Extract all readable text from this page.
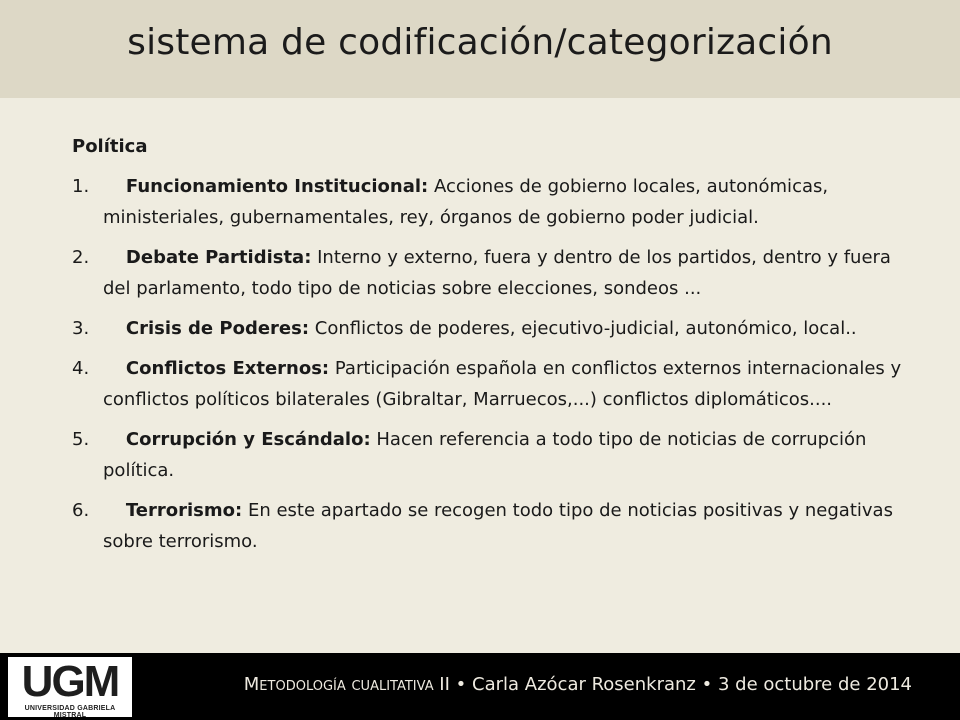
sistema de codificación/categorización

Política

1. Funcionamiento Institucional: Acciones de gobierno locales, autonómicas, ministeriales, gubernamentales, rey, órganos de gobierno poder judicial.

2. Debate Partidista: Interno y externo, fuera y dentro de los partidos, dentro y fuera del parlamento, todo tipo de noticias sobre elecciones, sondeos ...

3. Crisis de Poderes: Conflictos de poderes, ejecutivo-judicial, autonómico, local..

4. Conflictos Externos: Participación española en conflictos externos internacionales y conflictos políticos bilaterales (Gibraltar, Marruecos,...) conflictos diplomáticos....

5. Corrupción y Escándalo: Hacen referencia a todo tipo de noticias de corrupción política.

6. Terrorismo: En este apartado se recogen todo tipo de noticias positivas y negativas sobre terrorismo.

UGM
UNIVERSIDAD GABRIELA MISTRAL
Metodología cualitativa II • Carla Azócar Rosenkranz • 3 de octubre de 2014
